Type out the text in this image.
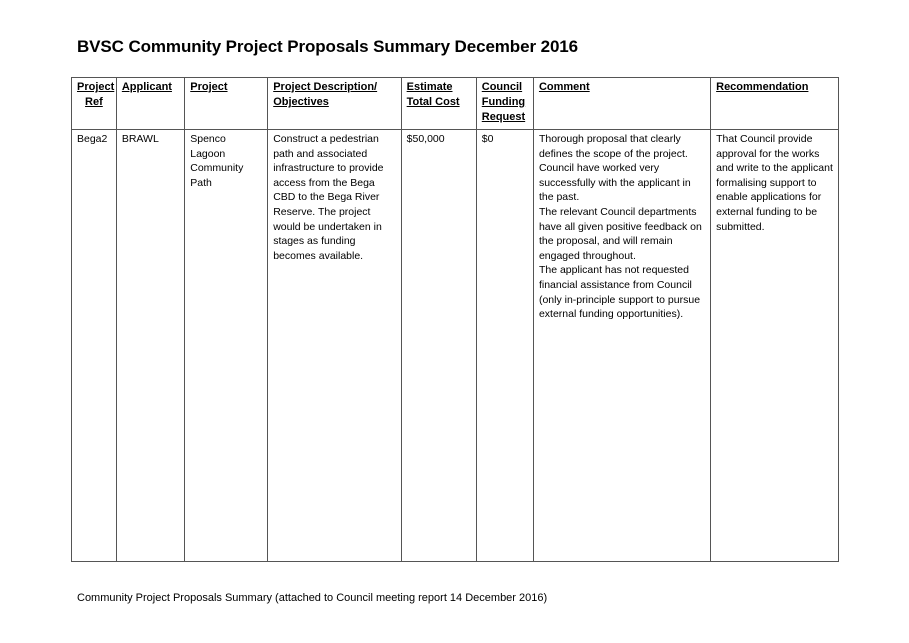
BVSC Community Project Proposals Summary December 2016
Project Ref	Applicant	Project	Project Description/ Objectives	Estimate Total Cost	Council Funding Request	Comment	Recommendation
Bega2	BRAWL	Spenco Lagoon Community Path	Construct a pedestrian path and associated infrastructure to provide access from the Bega CBD to the Bega River Reserve. The project would be undertaken in stages as funding becomes available.	$50,000	$0	Thorough proposal that clearly defines the scope of the project. Council have worked very successfully with the applicant in the past.
The relevant Council departments have all given positive feedback on the proposal, and will remain engaged throughout.
The applicant has not requested financial assistance from Council (only in-principle support to pursue external funding opportunities).	That Council provide approval for the works and write to the applicant formalising support to enable applications for external funding to be submitted.
Community Project Proposals Summary (attached to Council meeting report 14 December 2016)
